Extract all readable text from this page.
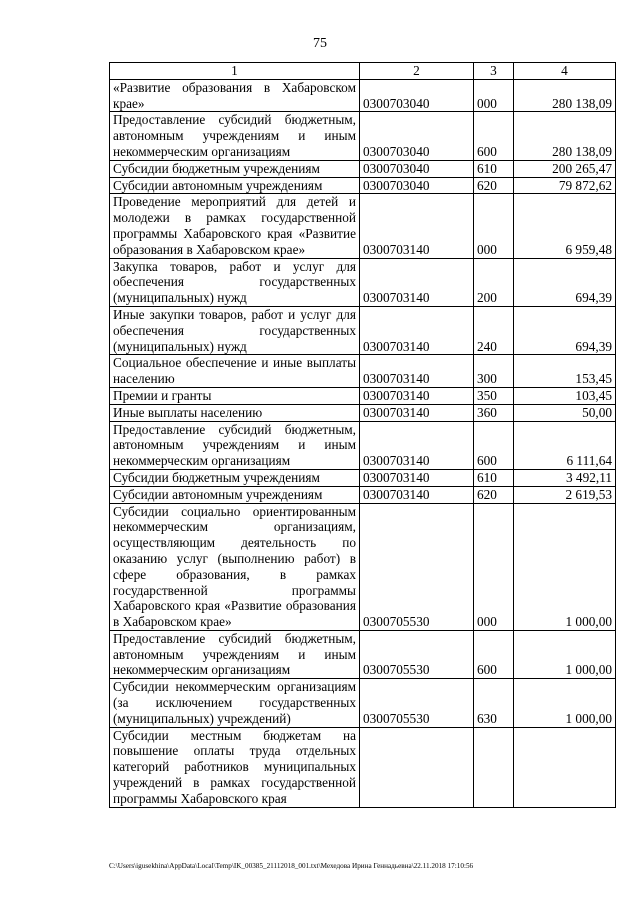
75
1	2	3	4
«Развитие образования в Хабаровском крае»	0300703040	000	280 138,09
Предоставление субсидий бюджетным, автономным учреждениям и иным некоммерческим организациям	0300703040	600	280 138,09
Субсидии бюджетным учреждениям	0300703040	610	200 265,47
Субсидии автономным учреждениям	0300703040	620	79 872,62
Проведение мероприятий для детей и молодежи в рамках государственной программы Хабаровского края «Развитие образования в Хабаровском крае»	0300703140	000	6 959,48
Закупка товаров, работ и услуг для обеспечения государственных (муниципальных) нужд	0300703140	200	694,39
Иные закупки товаров, работ и услуг для обеспечения государственных (муниципальных) нужд	0300703140	240	694,39
Социальное обеспечение и иные выплаты населению	0300703140	300	153,45
Премии и гранты	0300703140	350	103,45
Иные выплаты населению	0300703140	360	50,00
Предоставление субсидий бюджетным, автономным учреждениям и иным некоммерческим организациям	0300703140	600	6 111,64
Субсидии бюджетным учреждениям	0300703140	610	3 492,11
Субсидии автономным учреждениям	0300703140	620	2 619,53
Субсидии социально ориентированным некоммерческим организациям, осуществляющим деятельность по оказанию услуг (выполнению работ) в сфере образования, в рамках государственной программы Хабаровского края «Развитие образования в Хабаровском крае»	0300705530	000	1 000,00
Предоставление субсидий бюджетным, автономным учреждениям и иным некоммерческим организациям	0300705530	600	1 000,00
Субсидии некоммерческим организациям (за исключением государственных (муниципальных) учреждений)	0300705530	630	1 000,00
Субсидии местным бюджетам на повышение оплаты труда отдельных категорий работников муниципальных учреждений в рамках государственной программы Хабаровского края			
C:\Users\igusekhina\AppData\Local\Temp\IK_00385_21112018_001.txt\Мехедова Ирина Геннадьевна\22.11.2018 17:10:56
